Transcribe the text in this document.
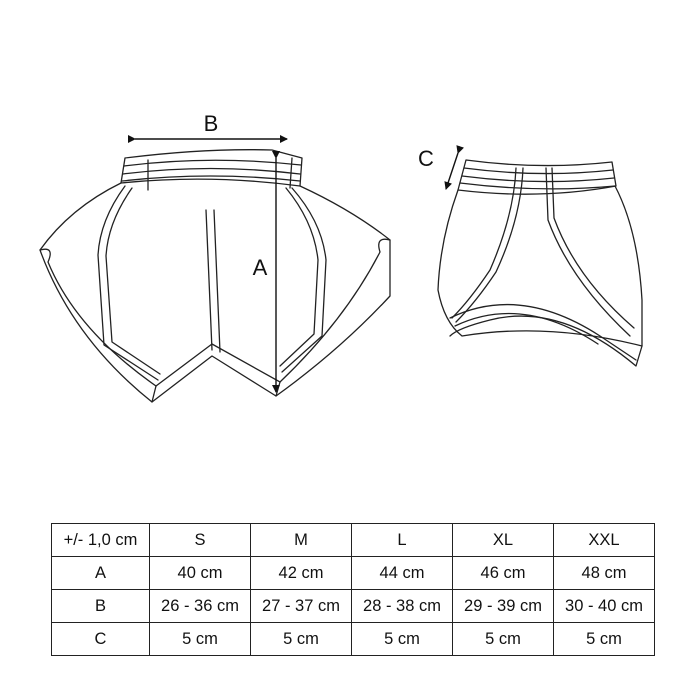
B
A
C
+/- 1,0 cm	S	M	L	XL	XXL
A	40 cm	42 cm	44 cm	46 cm	48 cm
B	26 - 36 cm	27 - 37 cm	28 - 38 cm	29 - 39 cm	30 - 40 cm
C	5 cm	5 cm	5 cm	5 cm	5 cm
